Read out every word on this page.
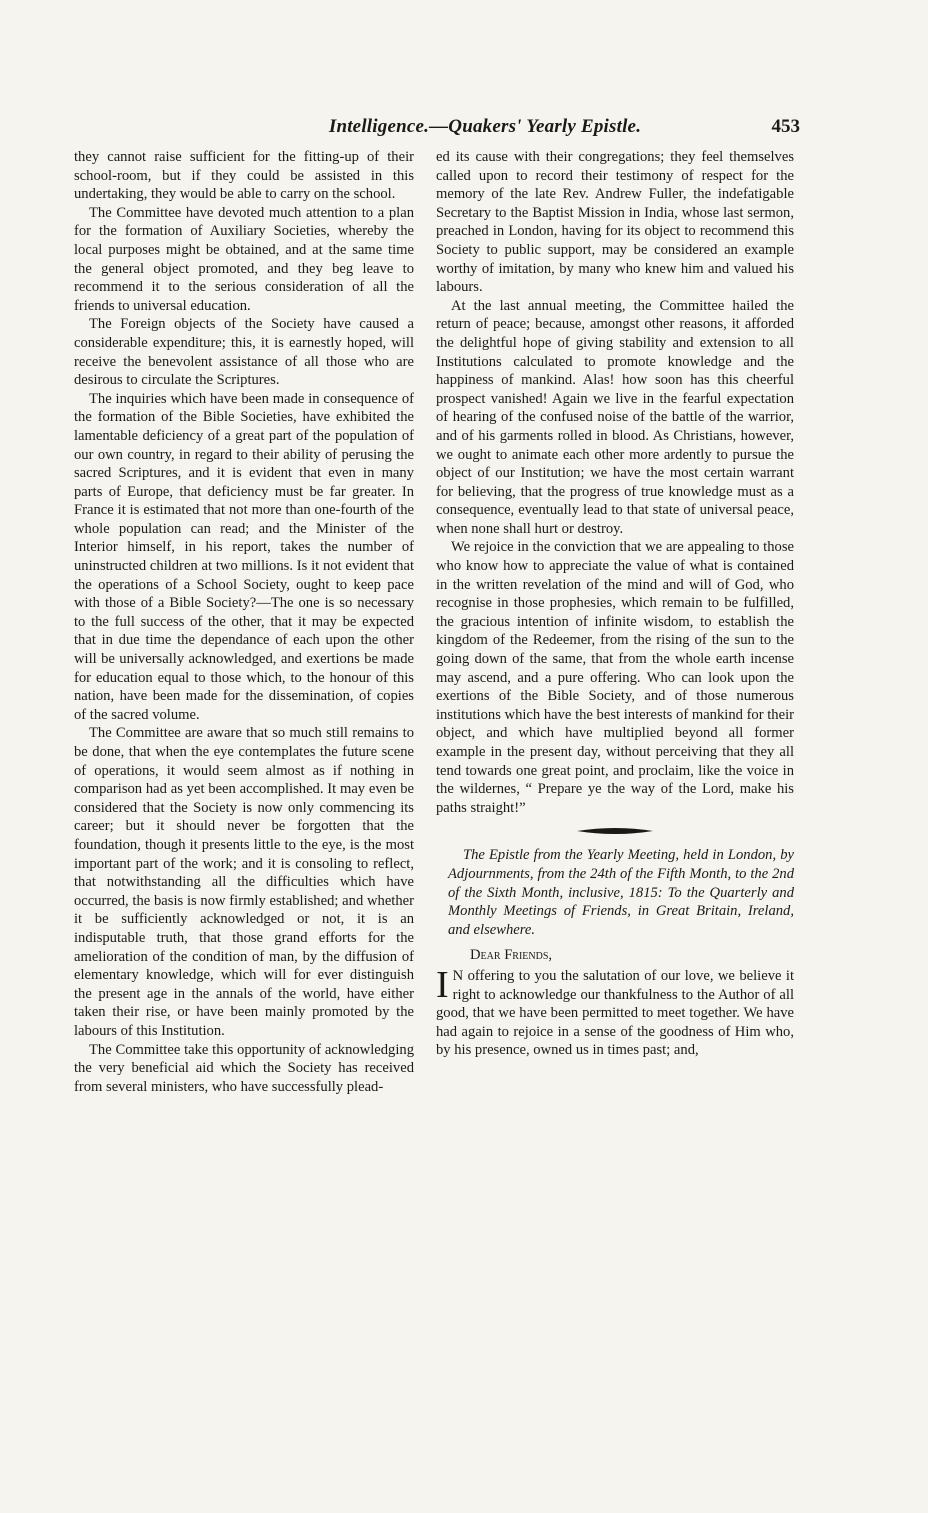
Intelligence.—Quakers' Yearly Epistle.	453

they cannot raise sufficient for the fitting-up of their school-room, but if they could be assisted in this undertaking, they would be able to carry on the school.

The Committee have devoted much attention to a plan for the formation of Auxiliary Societies, whereby the local purposes might be obtained, and at the same time the general object promoted, and they beg leave to recommend it to the serious consideration of all the friends to universal education.

The Foreign objects of the Society have caused a considerable expenditure; this, it is earnestly hoped, will receive the benevolent assistance of all those who are desirous to circulate the Scriptures.

The inquiries which have been made in consequence of the formation of the Bible Societies, have exhibited the lamentable deficiency of a great part of the population of our own country, in regard to their ability of perusing the sacred Scriptures, and it is evident that even in many parts of Europe, that deficiency must be far greater. In France it is estimated that not more than one-fourth of the whole population can read; and the Minister of the Interior himself, in his report, takes the number of uninstructed children at two millions. Is it not evident that the operations of a School Society, ought to keep pace with those of a Bible Society?—The one is so necessary to the full success of the other, that it may be expected that in due time the dependance of each upon the other will be universally acknowledged, and exertions be made for education equal to those which, to the honour of this nation, have been made for the dissemination, of copies of the sacred volume.

The Committee are aware that so much still remains to be done, that when the eye contemplates the future scene of operations, it would seem almost as if nothing in comparison had as yet been accomplished. It may even be considered that the Society is now only commencing its career; but it should never be forgotten that the foundation, though it presents little to the eye, is the most important part of the work; and it is consoling to reflect, that notwithstanding all the difficulties which have occurred, the basis is now firmly established; and whether it be sufficiently acknowledged or not, it is an indisputable truth, that those grand efforts for the amelioration of the condition of man, by the diffusion of elementary knowledge, which will for ever distinguish the present age in the annals of the world, have either taken their rise, or have been mainly promoted by the labours of this Institution.

The Committee take this opportunity of acknowledging the very beneficial aid which the Society has received from several ministers, who have successfully plead-

ed its cause with their congregations; they feel themselves called upon to record their testimony of respect for the memory of the late Rev. Andrew Fuller, the indefatigable Secretary to the Baptist Mission in India, whose last sermon, preached in London, having for its object to recommend this Society to public support, may be considered an example worthy of imitation, by many who knew him and valued his labours.

At the last annual meeting, the Committee hailed the return of peace; because, amongst other reasons, it afforded the delightful hope of giving stability and extension to all Institutions calculated to promote knowledge and the happiness of mankind. Alas! how soon has this cheerful prospect vanished! Again we live in the fearful expectation of hearing of the confused noise of the battle of the warrior, and of his garments rolled in blood. As Christians, however, we ought to animate each other more ardently to pursue the object of our Institution; we have the most certain warrant for believing, that the progress of true knowledge must as a consequence, eventually lead to that state of universal peace, when none shall hurt or destroy.

We rejoice in the conviction that we are appealing to those who know how to appreciate the value of what is contained in the written revelation of the mind and will of God, who recognise in those prophesies, which remain to be fulfilled, the gracious intention of infinite wisdom, to establish the kingdom of the Redeemer, from the rising of the sun to the going down of the same, that from the whole earth incense may ascend, and a pure offering. Who can look upon the exertions of the Bible Society, and of those numerous institutions which have the best interests of mankind for their object, and which have multiplied beyond all former example in the present day, without perceiving that they all tend towards one great point, and proclaim, like the voice in the wildernes, “ Prepare ye the way of the Lord, make his paths straight!”

The Epistle from the Yearly Meeting, held in London, by Adjournments, from the 24th of the Fifth Month, to the 2nd of the Sixth Month, inclusive, 1815: To the Quarterly and Monthly Meetings of Friends, in Great Britain, Ireland, and elsewhere.

Dear Friends,

I N offering to you the salutation of our love, we believe it right to acknowledge our thankfulness to the Author of all good, that we have been permitted to meet together. We have had again to rejoice in a sense of the goodness of Him who, by his presence, owned us in times past; and,
